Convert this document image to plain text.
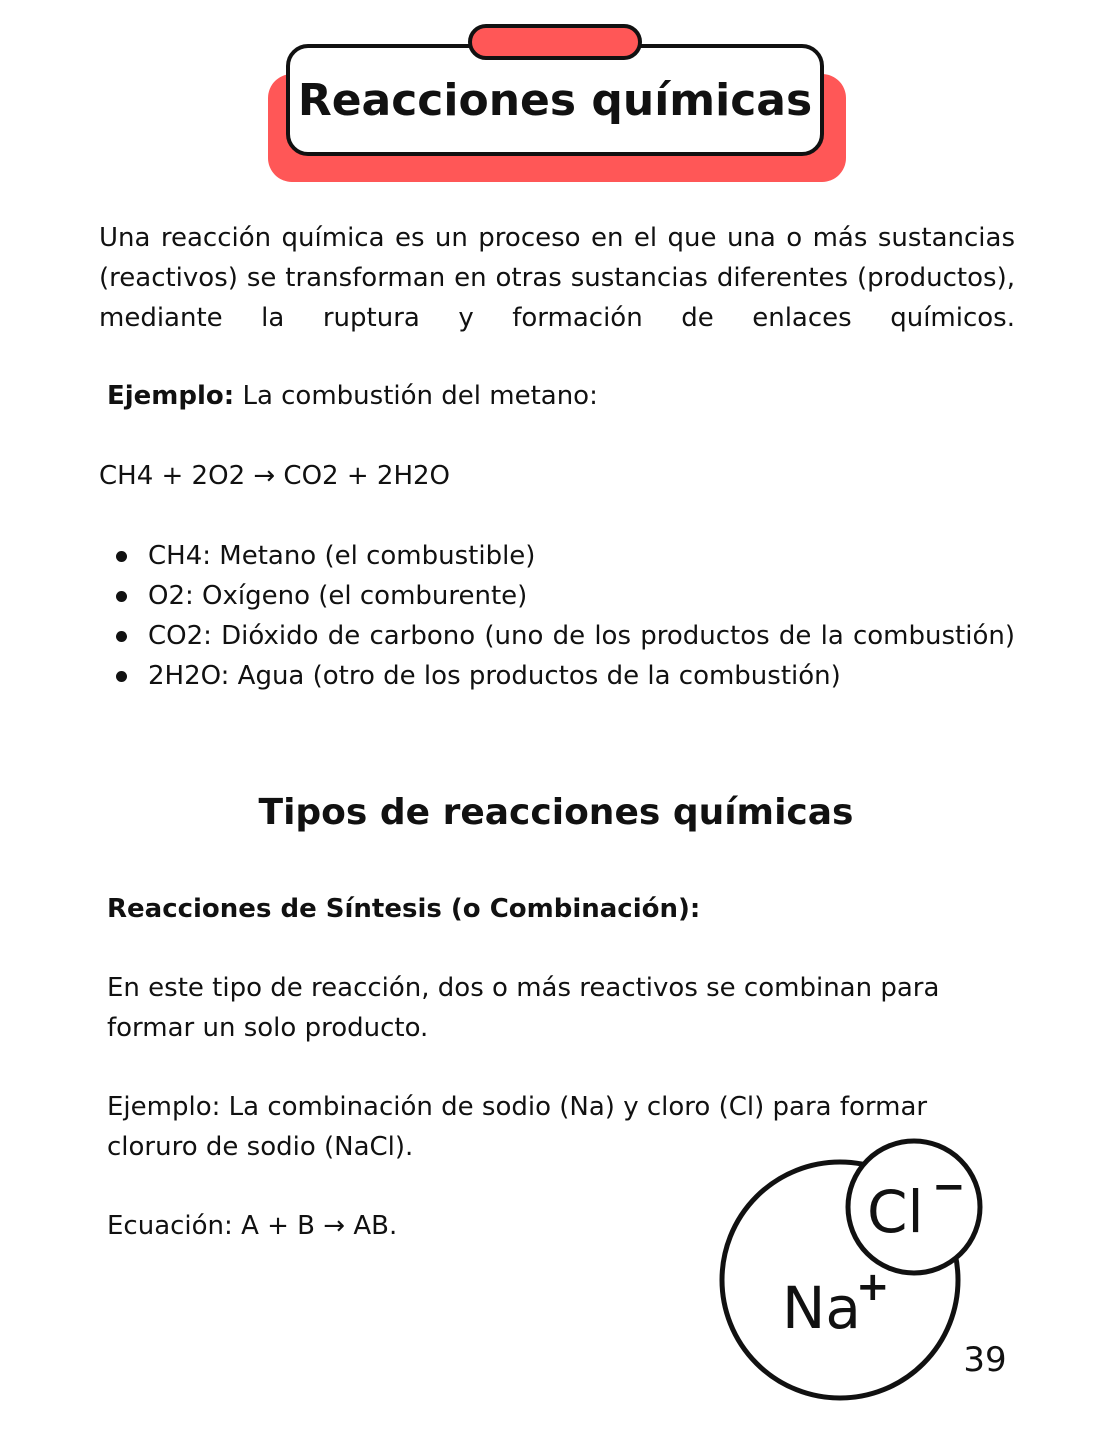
Reacciones químicas

Una reacción química es un proceso en el que una o más sustancias (reactivos) se transforman en otras sustancias diferentes (productos), mediante la ruptura y formación de enlaces químicos.

Ejemplo: La combustión del metano:

CH4 + 2O2 → CO2 + 2H2O

CH4: Metano (el combustible)
O2: Oxígeno (el comburente)
CO2: Dióxido de carbono (uno de los productos de la combustión)
2H2O: Agua (otro de los productos de la combustión)
Tipos de reacciones químicas

Reacciones de Síntesis (o Combinación):

En este tipo de reacción, dos o más reactivos se combinan para formar un solo producto.

Ejemplo: La combinación de sodio (Na) y cloro (Cl) para formar cloruro de sodio (NaCl).

Ecuación: A + B → AB.

Na
+
Cl −
39
